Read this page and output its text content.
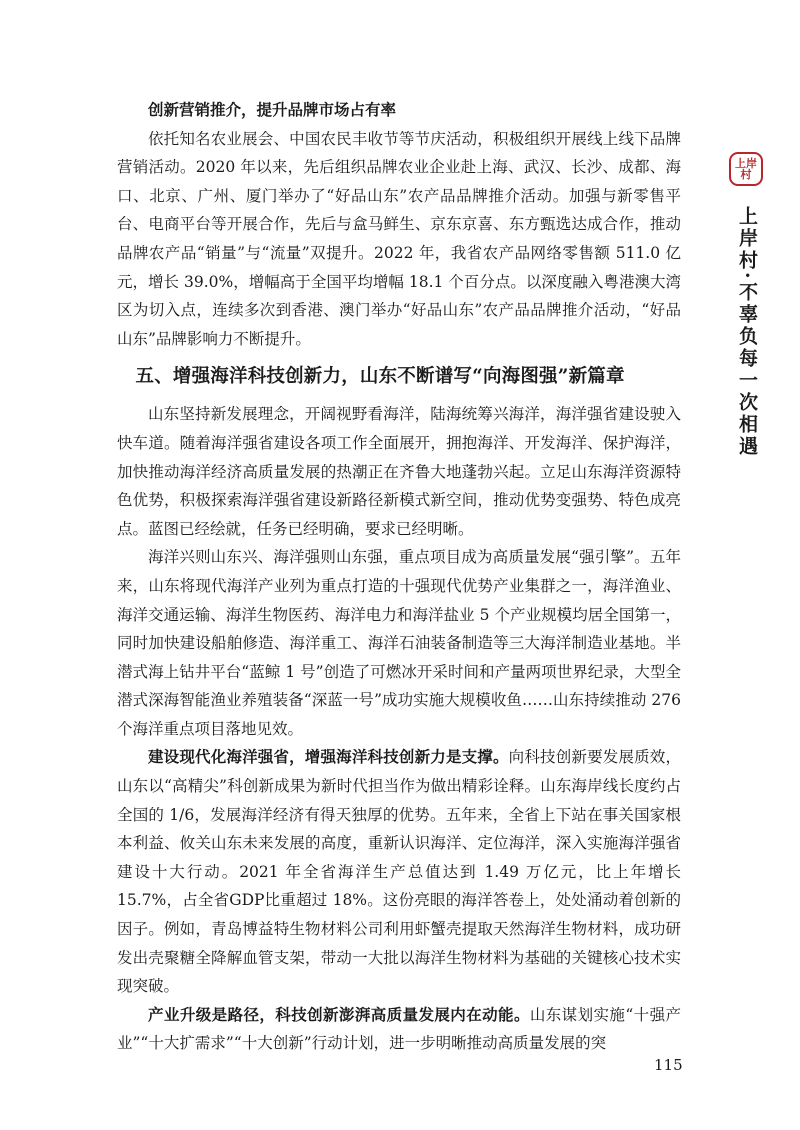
创新营销推介，提升品牌市场占有率

依托知名农业展会、中国农民丰收节等节庆活动，积极组织开展线上线下品牌营销活动。2020 年以来，先后组织品牌农业企业赴上海、武汉、长沙、成都、海口、北京、广州、厦门举办了“好品山东”农产品品牌推介活动。加强与新零售平台、电商平台等开展合作，先后与盒马鲜生、京东京喜、东方甄选达成合作，推动品牌农产品“销量”与“流量”双提升。2022 年，我省农产品网络零售额 511.0 亿元，增长 39.0%，增幅高于全国平均增幅 18.1 个百分点。以深度融入粤港澳大湾区为切入点，连续多次到香港、澳门举办“好品山东”农产品品牌推介活动，“好品山东”品牌影响力不断提升。

五、增强海洋科技创新力，山东不断谱写“向海图强”新篇章

山东坚持新发展理念，开阔视野看海洋，陆海统筹兴海洋，海洋强省建设驶入快车道。随着海洋强省建设各项工作全面展开，拥抱海洋、开发海洋、保护海洋，加快推动海洋经济高质量发展的热潮正在齐鲁大地蓬勃兴起。立足山东海洋资源特色优势，积极探索海洋强省建设新路径新模式新空间，推动优势变强势、特色成亮点。蓝图已经绘就，任务已经明确，要求已经明晰。

海洋兴则山东兴、海洋强则山东强，重点项目成为高质量发展“强引擎”。五年来，山东将现代海洋产业列为重点打造的十强现代优势产业集群之一，海洋渔业、海洋交通运输、海洋生物医药、海洋电力和海洋盐业 5 个产业规模均居全国第一，同时加快建设船舶修造、海洋重工、海洋石油装备制造等三大海洋制造业基地。半潜式海上钻井平台“蓝鲸 1 号”创造了可燃冰开采时间和产量两项世界纪录，大型全潜式深海智能渔业养殖装备“深蓝一号”成功实施大规模收鱼……山东持续推动 276 个海洋重点项目落地见效。

建设现代化海洋强省，增强海洋科技创新力是支撑。向科技创新要发展质效，山东以“高精尖”科创新成果为新时代担当作为做出精彩诠释。山东海岸线长度约占全国的 1/6，发展海洋经济有得天独厚的优势。五年来，全省上下站在事关国家根本利益、攸关山东未来发展的高度，重新认识海洋、定位海洋，深入实施海洋强省建设十大行动。2021 年全省海洋生产总值达到 1.49 万亿元，比上年增长 15.7%，占全省GDP比重超过 18%。这份亮眼的海洋答卷上，处处涌动着创新的因子。例如，青岛博益特生物材料公司利用虾蟹壳提取天然海洋生物材料，成功研发出壳聚糖全降解血管支架，带动一大批以海洋生物材料为基础的关键核心技术实现突破。

产业升级是路径，科技创新澎湃高质量发展内在动能。山东谋划实施“十强产业”“十大扩需求”“十大创新”行动计划，进一步明晰推动高质量发展的突

上岸村
上岸村·不辜负每一次相遇
115
